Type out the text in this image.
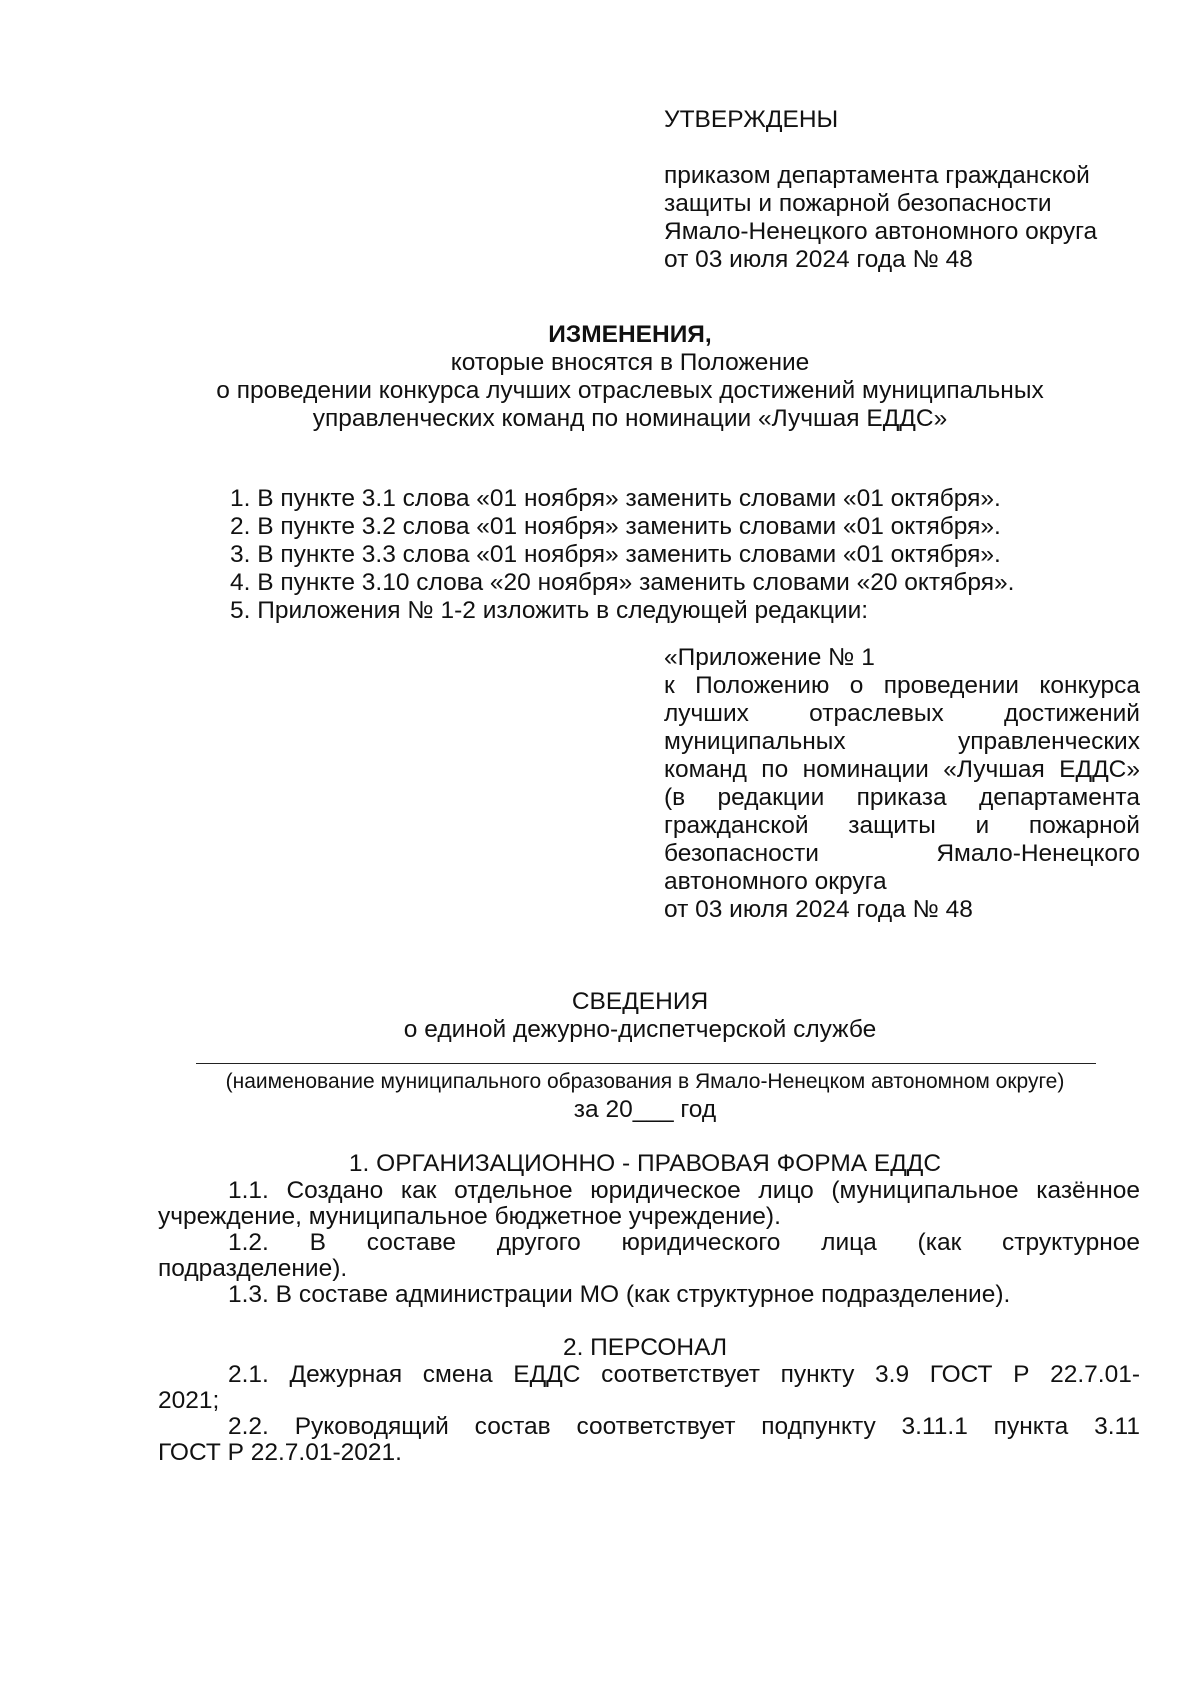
УТВЕРЖДЕНЫ
приказом департамента гражданской
защиты и пожарной безопасности
Ямало-Ненецкого автономного округа
от 03 июля 2024 года № 48
ИЗМЕНЕНИЯ,
которые вносятся в Положение
о проведении конкурса лучших отраслевых достижений муниципальных
управленческих команд по номинации «Лучшая ЕДДС»
1. В пункте 3.1 слова «01 ноября» заменить словами «01 октября».
2. В пункте 3.2 слова «01 ноября» заменить словами «01 октября».
3. В пункте 3.3 слова «01 ноября» заменить словами «01 октября».
4. В пункте 3.10 слова «20 ноября» заменить словами «20 октября».
5. Приложения № 1-2 изложить в следующей редакции:
«Приложение № 1
к Положению о проведении конкурса
лучших отраслевых достижений
муниципальных управленческих
команд по номинации «Лучшая ЕДДС»
(в редакции приказа департамента
гражданской защиты и пожарной
безопасности Ямало-Ненецкого
автономного округа
от 03 июля 2024 года № 48
СВЕДЕНИЯ
о единой дежурно-диспетчерской службе
(наименование муниципального образования в Ямало-Ненецком автономном округе)
за 20___ год
1. ОРГАНИЗАЦИОННО - ПРАВОВАЯ ФОРМА ЕДДС
1.1. Создано как отдельное юридическое лицо (муниципальное казённое
учреждение, муниципальное бюджетное учреждение).
1.2. В составе другого юридического лица (как структурное
подразделение).
1.3. В составе администрации МО (как структурное подразделение).
2. ПЕРСОНАЛ
2.1. Дежурная смена ЕДДС соответствует пункту 3.9 ГОСТ Р 22.7.01-
2021;
2.2. Руководящий состав соответствует подпункту 3.11.1 пункта 3.11
ГОСТ Р 22.7.01-2021.
